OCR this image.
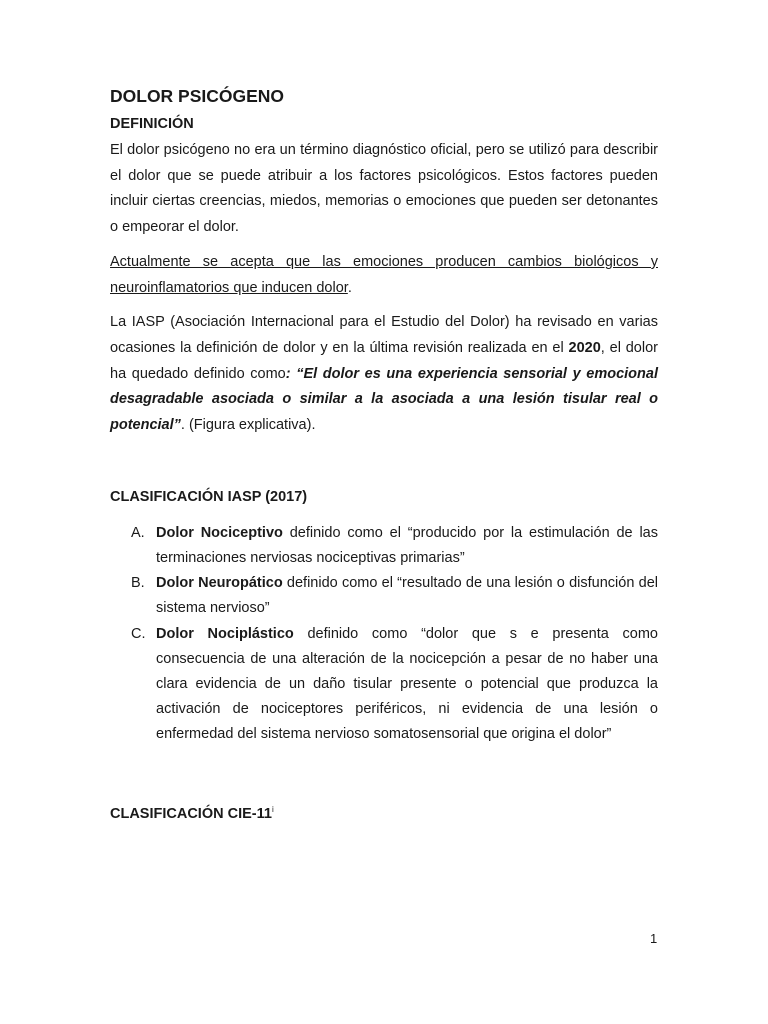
DOLOR PSICÓGENO
DEFINICIÓN

El dolor psicógeno no era un término diagnóstico oficial, pero se utilizó para describir el dolor que se puede atribuir a los factores psicológicos. Estos factores pueden incluir ciertas creencias, miedos, memorias o emociones que pueden ser detonantes o empeorar el dolor.

Actualmente se acepta que las emociones producen cambios biológicos y neuroinflamatorios que inducen dolor.

La IASP (Asociación Internacional para el Estudio del Dolor) ha revisado en varias ocasiones la definición de dolor y en la última revisión realizada en el 2020, el dolor ha quedado definido como: “El dolor es una experiencia sensorial y emocional desagradable asociada o similar a la asociada a una lesión tisular real o potencial”. (Figura explicativa).

CLASIFICACIÓN IASP (2017)
A. Dolor Nociceptivo definido como el “producido por la estimulación de las terminaciones nerviosas nociceptivas primarias”
B. Dolor Neuropático definido como el “resultado de una lesión o disfunción del sistema nervioso”
C. Dolor Nociplástico definido como “dolor que s e presenta como consecuencia de una alteración de la nocicepción a pesar de no haber una clara evidencia de un daño tisular presente o potencial que produzca la activación de nociceptores periféricos, ni evidencia de una lesión o enfermedad del sistema nervioso somatosensorial que origina el dolor”
CLASIFICACIÓN CIE-11$^i$
1
